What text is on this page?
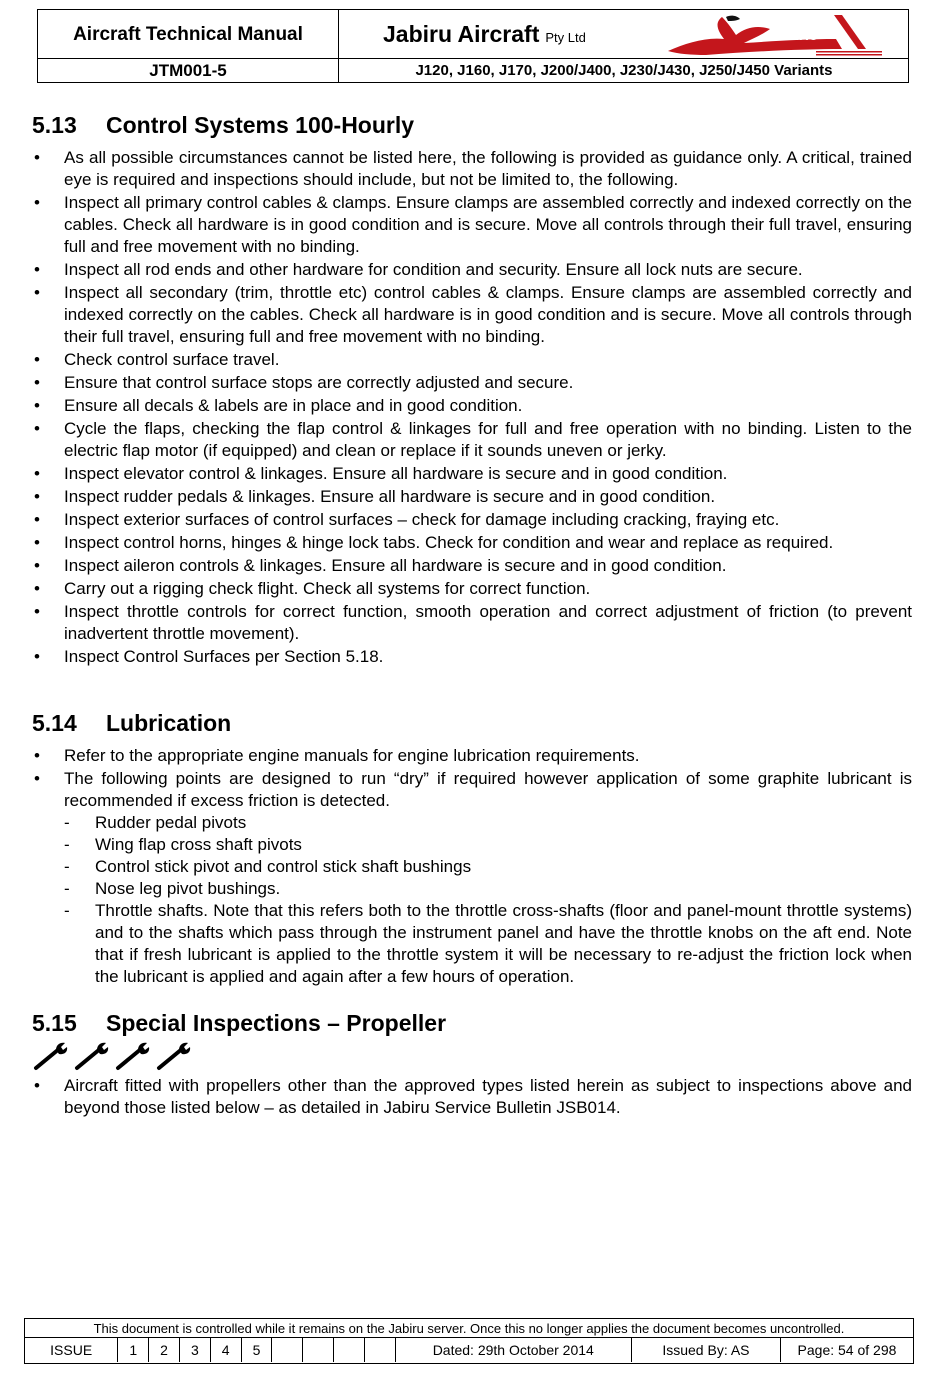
Aircraft Technical Manual	Jabiru Aircraft Pty Ltd	JABIRU
JTM001-5	J120, J160, J170, J200/J400, J230/J430, J250/J450 Variants
5.13	Control Systems 100-Hourly
• As all possible circumstances cannot be listed here, the following is provided as guidance only. A critical, trained eye is required and inspections should include, but not be limited to, the following.
• Inspect all primary control cables & clamps. Ensure clamps are assembled correctly and indexed correctly on the cables. Check all hardware is in good condition and is secure. Move all controls through their full travel, ensuring full and free movement with no binding.
• Inspect all rod ends and other hardware for condition and security. Ensure all lock nuts are secure.
• Inspect all secondary (trim, throttle etc) control cables & clamps. Ensure clamps are assembled correctly and indexed correctly on the cables. Check all hardware is in good condition and is secure. Move all controls through their full travel, ensuring full and free movement with no binding.
• Check control surface travel.
• Ensure that control surface stops are correctly adjusted and secure.
• Ensure all decals & labels are in place and in good condition.
• Cycle the flaps, checking the flap control & linkages for full and free operation with no binding. Listen to the electric flap motor (if equipped) and clean or replace if it sounds uneven or jerky.
• Inspect elevator control & linkages. Ensure all hardware is secure and in good condition.
• Inspect rudder pedals & linkages. Ensure all hardware is secure and in good condition.
• Inspect exterior surfaces of control surfaces – check for damage including cracking, fraying etc.
• Inspect control horns, hinges & hinge lock tabs. Check for condition and wear and replace as required.
• Inspect aileron controls & linkages. Ensure all hardware is secure and in good condition.
• Carry out a rigging check flight. Check all systems for correct function.
• Inspect throttle controls for correct function, smooth operation and correct adjustment of friction (to prevent inadvertent throttle movement).
• Inspect Control Surfaces per Section 5.18.
5.14	Lubrication
• Refer to the appropriate engine manuals for engine lubrication requirements.
• The following points are designed to run “dry” if required however application of some graphite lubricant is recommended if excess friction is detected.
- Rudder pedal pivots
- Wing flap cross shaft pivots
- Control stick pivot and control stick shaft bushings
- Nose leg pivot bushings.
- Throttle shafts. Note that this refers both to the throttle cross-shafts (floor and panel-mount throttle systems) and to the shafts which pass through the instrument panel and have the throttle knobs on the aft end. Note that if fresh lubricant is applied to the throttle system it will be necessary to re-adjust the friction lock when the lubricant is applied and again after a few hours of operation.
5.15	Special Inspections – Propeller
• Aircraft fitted with propellers other than the approved types listed herein as subject to inspections above and beyond those listed below – as detailed in Jabiru Service Bulletin JSB014.
This document is controlled while it remains on the Jabiru server. Once this no longer applies the document becomes uncontrolled.
ISSUE	1	2	3	4	5	Dated: 29th October 2014	Issued By: AS	Page: 54 of 298
